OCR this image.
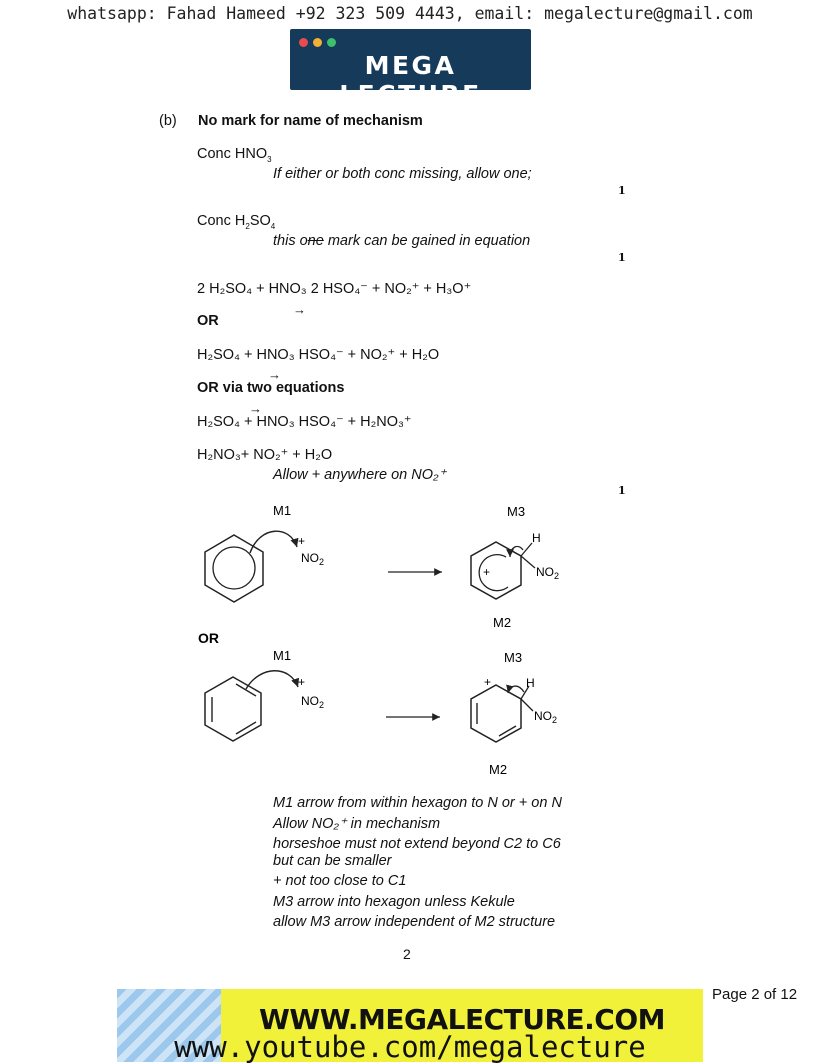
whatsapp: Fahad Hameed +92 323 509 4443, email: megalecture@gmail.com
MEGA LECTURE
(b) No mark for name of mechanism
Conc $HNO_3$
If either or both conc missing, allow one;
1
Conc $H_2SO_4$
this one mark can be gained in equation
1
2 H₂SO₄ + HNO₃ 2 HSO₄⁻ + NO₂⁺ + H₃O⁺
→
OR
H₂SO₄ + HNO₃ HSO₄⁻ + NO₂⁺ + H₂O
→
OR via two equations
→
H₂SO₄ + HNO₃ HSO₄⁻ + H₂NO₃⁺
H₂NO₃+ NO₂⁺ + H₂O
Allow + anywhere on NO₂⁺
1
M1
+
$NO_2$
M3
+
H
$NO_2$
M2
OR
M1	M3
+
$NO_2$
+	H
$NO_2$
M2
M1 arrow from within hexagon to N or + on N
Allow NO₂⁺ in mechanism
horseshoe must not extend beyond C2 to C6
but can be smaller
+ not too close to C1
M3 arrow into hexagon unless Kekule
allow M3 arrow independent of M2 structure
2
WWW.MEGALECTURE.COM
www.youtube.com/megalecture
Page 2 of 12
